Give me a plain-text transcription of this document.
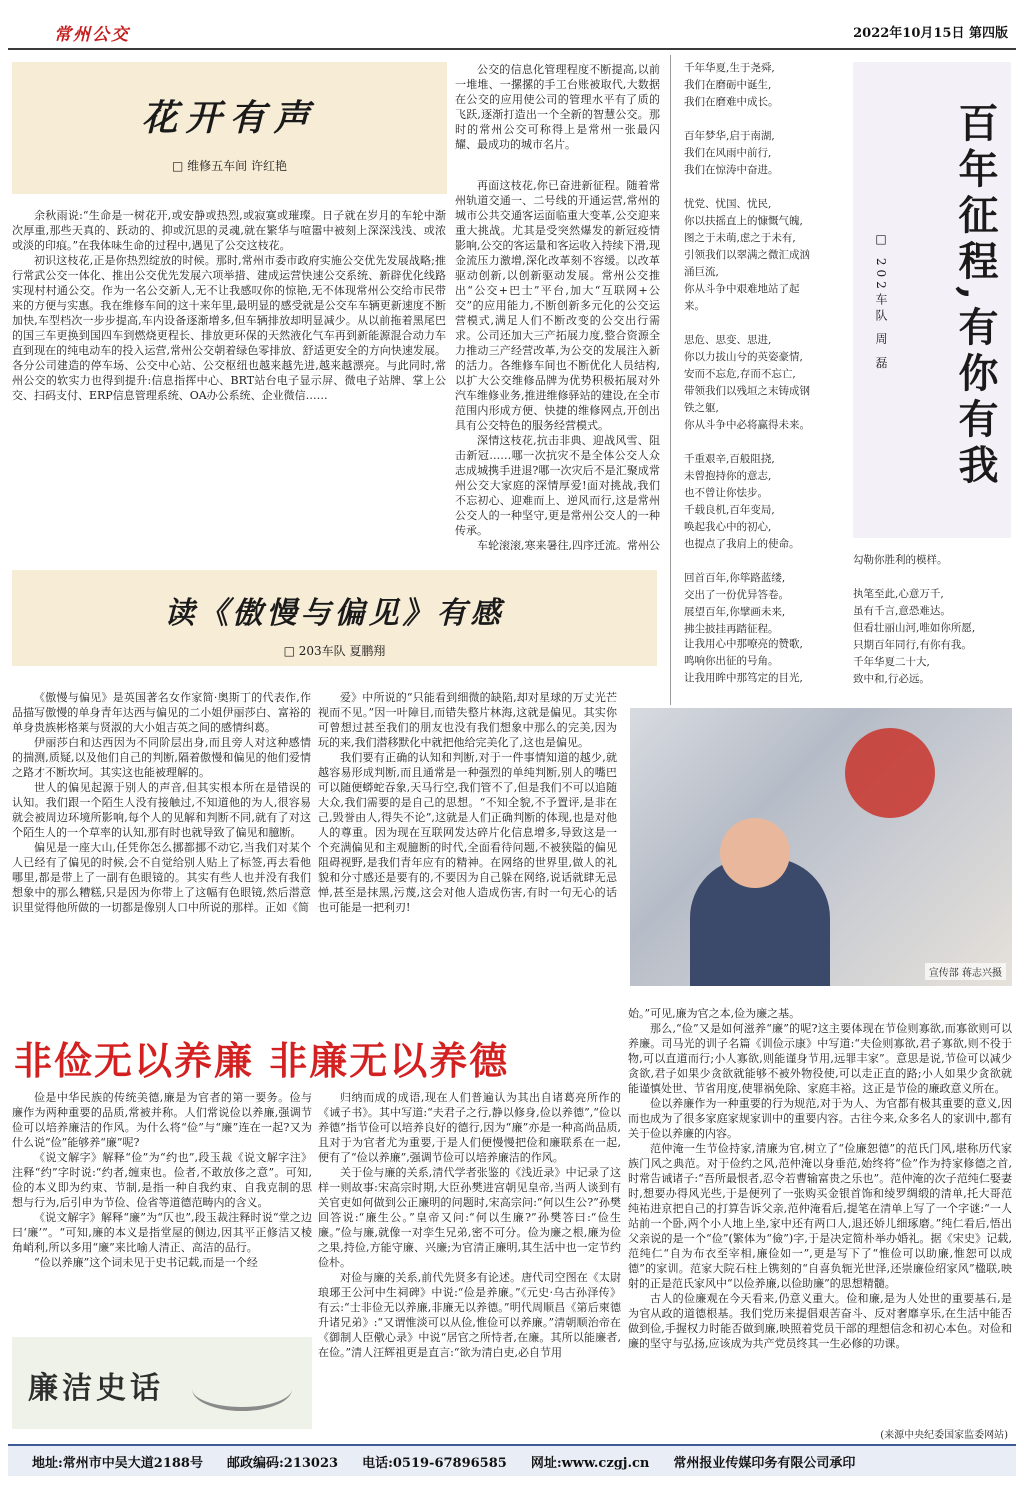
常州公交	2022年10月15日 第四版
花开有声
□ 维修五车间 许红艳

余秋雨说:“生命是一树花开,或安静或热烈,或寂寞或璀璨。日子就在岁月的车轮中渐次厚重,那些天真的、跃动的、抑或沉思的灵魂,就在繁华与喧嚣中被刻上深深浅浅、或浓或淡的印痕。”在我体味生命的过程中,遇见了公交这枝花。

初识这枝花,正是你热烈绽放的时候。那时,常州市委市政府实施公交优先发展战略;推行常武公交一体化、推出公交优先发展六项举措、建成运营快速公交系统、新辟优化线路实现村村通公交。作为一名公交新人,无不让我感叹你的惊艳,无不体现常州公交给市民带来的方便与实惠。我在维修车间的这十来年里,最明显的感受就是公交车车辆更新速度不断加快,车型档次一步步提高,车内设备逐渐增多,但车辆排放却明显减少。从以前拖着黑尾巴的国三车更换到国四车到燃烧更程长、排放更环保的天然液化气车再到新能源混合动力车直到现在的纯电动车的投入运营,常州公交朝着绿色零排放、舒适更安全的方向快速发展。各分公司建造的停车场、公交中心站、公交枢纽也越来越先进,越来越漂亮。与此同时,常州公交的软实力也得到提升:信息指挥中心、BRT站台电子显示屏、微电子站牌、掌上公交、扫码支付、ERP信息管理系统、OA办公系统、企业微信……

公交的信息化管理程度不断提高,以前一堆堆、一摞摞的手工台账被取代,大数据在公交的应用使公司的管理水平有了质的飞跃,逐渐打造出一个全新的智慧公交。那时的常州公交可称得上是常州一张最闪耀、最成功的城市名片。

再面这枝花,你已奋进新征程。随着常州轨道交通一、二号线的开通运营,常州的城市公共交通客运面临重大变革,公交迎来重大挑战。尤其是受突然爆发的新冠疫情影响,公交的客运量和客运收入持续下滑,现金流压力激增,深化改革刻不容缓。以改革驱动创新,以创新驱动发展。常州公交推出“公交+巴士”平台,加大“互联网+公交”的应用能力,不断创新多元化的公交运营模式,满足人们不断改变的公交出行需求。公司还加大三产拓展力度,整合资源全力推动三产经营改革,为公交的发展注入新的活力。各维修车间也不断优化人员结构,以扩大公交维修品牌为优势积极拓展对外汽车维修业务,推进维修驿站的建设,在全市范围内形成方便、快捷的维修网点,开创出具有公交特色的服务经营模式。

深情这枝花,抗击非典、迎战风雪、阻击新冠……哪一次抗灾不是全体公交人众志成城携手进退?哪一次灾后不是汇聚成常州公交大家庭的深情厚爱!面对挑战,我们不忘初心、迎难而上、逆风而行,这是常州公交人的一种坚守,更是常州公交人的一种传承。

车轮滚滚,寒来暑往,四序迁流。常州公

千年华夏,生于尧舜,
我们在磨砺中诞生,
我们在磨难中成长。

百年梦华,启于南湖,
我们在风雨中前行,
我们在惊涛中奋进。

忧党、忧国、忧民,
你以扶摇直上的慷慨气魄,
图之于未萌,虑之于未有,
引领我们以翠满之微汇成汹
涌巨流,
你从斗争中艰难地站了起
来。

思危、思变、思进,
你以力拔山兮的英姿豪情,
安而不忘危,存而不忘亡,
带领我们以残垣之末铸成钢
铁之躯,
你从斗争中必将赢得未来。

千重艰辛,百般阻挠,
未曾抱持你的意志,
也不曾让你怯步。
千载良机,百年变局,
唤起我心中的初心,
也提点了我肩上的使命。

回首百年,你筚路蓝缕,
交出了一份优异答卷。
展望百年,你擘画未来,
拂尘披挂再踏征程。
让我用心中那嘹亮的赞歌,
鸣响你出征的号角。
让我用眸中那笃定的目光,
百年征程,有你有我
□ 202车队 周 磊
勾勒你胜利的模样。

执笔至此,心意万千,
虽有千言,意恐难达。
但看壮丽山河,唯如你所愿,
只期百年同行,有你有我。
千年华夏二十大,
致中和,行必远。
读《傲慢与偏见》有感
□ 203车队 夏鹏翔

《傲慢与偏见》是英国著名女作家简·奥斯丁的代表作,作品描写傲慢的单身青年达西与偏见的二小姐伊丽莎白、富裕的单身贵族彬格莱与贤淑的大小姐吉英之间的感情纠葛。

伊丽莎白和达西因为不同阶层出身,而且旁人对这种感情的揣测,质疑,以及他们自己的判断,隔着傲慢和偏见的他们爱情之路才不断坎坷。其实这也能被理解的。

世人的偏见起源于别人的声音,但其实根本所在是错误的认知。我们跟一个陌生人没有接触过,不知道他的为人,很容易就会被周边环境所影响,每个人的见解和判断不同,就有了对这个陌生人的一个草率的认知,那有时也就导致了偏见和臆断。

偏见是一座大山,任凭你怎么挪都挪不动它,当我们对某个人已经有了偏见的时候,会不自觉给别人贴上了标签,再去看他哪里,都是带上了一副有色眼镜的。其实有些人也并没有我们想象中的那么糟糕,只是因为你带上了这幅有色眼镜,然后潜意识里觉得他所做的一切都是像别人口中所说的那样。正如《简

爱》中所说的“只能看到细微的缺陷,却对星球的万丈光芒视而不见。”因一叶障目,而错失整片林海,这就是偏见。其实你可曾想过甚至我们的朋友也没有我们想象中那么的完美,因为玩的来,我们潜移默化中就把他给完美化了,这也是偏见。

我们要有正确的认知和判断,对于一件事情知道的越少,就越容易形成判断,而且通常是一种强烈的单纯判断,别人的嘴巴可以随便蟒蛇吞象,天马行空,我们管不了,但是我们不可以追随大众,我们需要的是自己的思想。“不知全貌,不予置评,是非在己,毁誉由人,得失不论”,这就是人们正确判断的体现,也是对他人的尊重。因为现在互联网发达碎片化信息增多,导致这是一个充满偏见和主观臆断的时代,全面看待问题,不被狭隘的偏见阻碍视野,是我们青年应有的精神。在网络的世界里,做人的礼貌和分寸感还是要有的,不要因为自己躲在网络,说话就肆无忌惮,甚至是抹黑,污蔑,这会对他人造成伤害,有时一句无心的话也可能是一把利刃!

宣传部 蒋志兴摄
非俭无以养廉 非廉无以养德

俭是中华民族的传统美德,廉是为官者的第一要务。俭与廉作为两种重要的品质,常被并称。人们常说俭以养廉,强调节俭可以培养廉洁的作风。为什么将“俭”与“廉”连在一起?又为什么说“俭”能够养“廉”呢?

《说文解字》解释“俭”为“约也”,段玉裁《说文解字注》注释“约”字时说:“约者,缠束也。俭者,不敢放侈之意”。可知,俭的本义即为约束、节制,是指一种自我约束、自我克制的思想与行为,后引申为节俭、俭省等道德范畴内的含义。

《说文解字》解释“廉”为“仄也”,段玉裁注释时说“堂之边曰‘廉’”。“可知,廉的本义是指堂屋的侧边,因其平正修洁又棱角峭利,所以多用“廉”来比喻人清正、高洁的品行。

“俭以养廉”这个词未见于史书记载,而是一个经

廉洁史话

归纳而成的成语,现在人们普遍认为其出自诸葛亮所作的《诫子书》。其中写道:“夫君子之行,静以修身,俭以养德”,“俭以养德”指节俭可以培养良好的德行,因为“廉”亦是一种高尚品质,且对于为官者尤为重要,于是人们便慢慢把俭和廉联系在一起,便有了“俭以养廉”,强调节俭可以培养廉洁的作风。

关于俭与廉的关系,清代学者张鉴的《浅近录》中记录了这样一则故事:宋高宗时期,大臣孙樊进宫朝见皇帝,当两人谈到有关官吏如何做到公正廉明的问题时,宋高宗问:“何以生公?”孙樊回答说:“廉生公。”皇帝又问:“何以生廉?”孙樊答曰:“俭生廉。”俭与廉,就像一对孪生兄弟,密不可分。俭为廉之根,廉为俭之果,持俭,方能守廉、兴廉;为官清正廉明,其生活中也一定节约俭朴。

对俭与廉的关系,前代先贤多有论述。唐代司空图在《太尉琅琊王公河中生祠碑》中说:“俭是养廉。”《元史·乌古孙泽传》有云:“士非俭无以养廉,非廉无以养德。”明代周顺昌《第后柬德升诸兄弟》:“又谓惟淡可以从俭,惟俭可以养廉。”清朝顺治帝在《御制人臣儆心录》中说“居官之所恃者,在廉。其所以能廉者,在俭。”清人汪辉祖更是直言:“欲为清白吏,必自节用

始。”可见,廉为官之本,俭为廉之基。

那么,“俭”又是如何滋养“廉”的呢?这主要体现在节俭则寡欲,而寡欲则可以养廉。司马光的训子名篇《训俭示康》中写道:“夫俭则寡欲,君子寡欲,则不役于物,可以直道而行;小人寡欲,则能谨身节用,远罪丰家”。意思是说,节俭可以减少贪欲,君子如果少贪欲就能够不被外物役使,可以走正直的路;小人如果少贪欲就能谨慎处世、节省用度,使罪祸免除、家庭丰裕。这正是节俭的廉政意义所在。

俭以养廉作为一种重要的行为规范,对于为人、为官都有极其重要的意义,因而也成为了很多家庭家规家训中的重要内容。古往今来,众多名人的家训中,都有关于俭以养廉的内容。

范仲淹一生节俭持家,清廉为官,树立了“俭廉恕德”的范氏门风,堪称历代家族门风之典范。对于俭约之风,范仲淹以身垂范,始终将“俭”作为持家修德之首,时常告诫诸子:“吾所最恨者,忍令若曹输富贵之乐也”。范仲淹的次子范纯仁娶妻时,想要办得风光些,于是便列了一张购买金银首饰和绫罗绸缎的清单,托大哥范纯祐进京把自己的打算告诉父亲,范仲淹看后,提笔在清单上写了一个字谜:“一人站前一个卧,两个小人地上坐,家中还有两口人,退还娇儿细琢磨。”纯仁看后,悟出父亲说的是一个“俭”(繁体为“儉”)字,于是决定简朴举办婚礼。据《宋史》记载,范纯仁“自为布衣至宰相,廉俭如一”,更是写下了“惟俭可以助廉,惟恕可以成德”的家训。范家大院石柱上镌刻的“自喜负轭光世泽,还崇廉俭绍家风”楹联,映射的正是范氏家风中“以俭养廉,以俭助廉”的思想精髓。

古人的俭廉观在今天看来,仍意义重大。俭和廉,是为人处世的重要基石,是为官从政的道德根基。我们党历来提倡艰苦奋斗、反对奢靡享乐,在生活中能否做到俭,手握权力时能否做到廉,映照着党员干部的理想信念和初心本色。对俭和廉的坚守与弘扬,应该成为共产党员终其一生必修的功课。

(来源中央纪委国家监委网站)
地址:常州市中吴大道2188号 邮政编码:213023 电话:0519-67896585 网址:www.czgj.cn 常州报业传媒印务有限公司承印
